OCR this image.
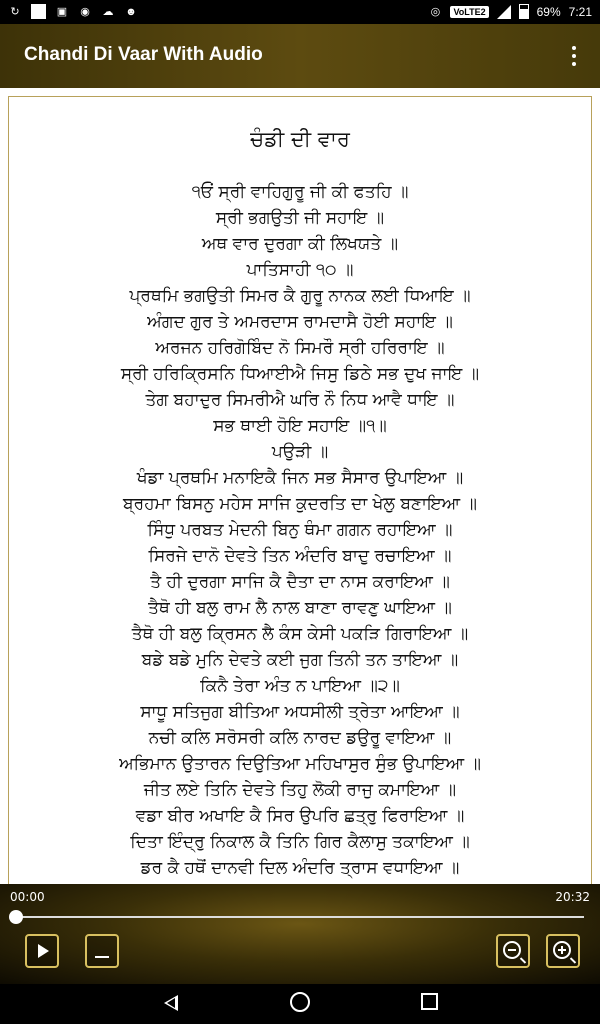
↻	▣ ◉ ☁ ☻	◎	VoLTE2	69% 7:21
Chandi Di Vaar With Audio
ਚੰਡੀ ਦੀ ਵਾਰ
੧ਓਂ ਸ੍ਰੀ ਵਾਹਿਗੁਰੂ ਜੀ ਕੀ ਫਤਹਿ ॥
ਸ੍ਰੀ ਭਗਉਤੀ ਜੀ ਸਹਾਇ ॥
ਅਥ ਵਾਰ ਦੁਰਗਾ ਕੀ ਲਿਖਯਤੇ ॥
ਪਾਤਿਸਾਹੀ ੧੦ ॥
ਪ੍ਰਥਮਿ ਭਗਉਤੀ ਸਿਮਰ ਕੈ ਗੁਰੂ ਨਾਨਕ ਲਈ ਧਿਆਇ ॥
ਅੰਗਦ ਗੁਰ ਤੇ ਅਮਰਦਾਸ ਰਾਮਦਾਸੈ ਹੋਈ ਸਹਾਇ ॥
ਅਰਜਨ ਹਰਿਗੋਬਿੰਦ ਨੋ ਸਿਮਰੌ ਸ੍ਰੀ ਹਰਿਰਾਇ ॥
ਸ੍ਰੀ ਹਰਿਕ੍ਰਿਸਨਿ ਧਿਆਈਐ ਜਿਸੁ ਡਿਠੇ ਸਭ ਦੁਖ ਜਾਇ ॥
ਤੇਗ ਬਹਾਦੁਰ ਸਿਮਰੀਐ ਘਰਿ ਨੌ ਨਿਧ ਆਵੈ ਧਾਇ ॥
ਸਭ ਥਾਈ ਹੋਇ ਸਹਾਇ ॥੧॥
ਪਉੜੀ ॥
ਖੰਡਾ ਪ੍ਰਥਮਿ ਮਨਾਇਕੈ ਜਿਨ ਸਭ ਸੈਸਾਰ ਉਪਾਇਆ ॥
ਬ੍ਰਹਮਾ ਬਿਸਨੁ ਮਹੇਸ ਸਾਜਿ ਕੁਦਰਤਿ ਦਾ ਖੇਲੁ ਬਣਾਇਆ ॥
ਸਿੰਧੁ ਪਰਬਤ ਮੇਦਨੀ ਬਿਨੁ ਥੰਮਾ ਗਗਨ ਰਹਾਇਆ ॥
ਸਿਰਜੇ ਦਾਨੋ ਦੇਵਤੇ ਤਿਨ ਅੰਦਰਿ ਬਾਦੁ ਰਚਾਇਆ ॥
ਤੈ ਹੀ ਦੁਰਗਾ ਸਾਜਿ ਕੈ ਦੈਤਾ ਦਾ ਨਾਸ ਕਰਾਇਆ ॥
ਤੈਥੋ ਹੀ ਬਲੁ ਰਾਮ ਲੈ ਨਾਲ ਬਾਣਾ ਰਾਵਣੁ ਘਾਇਆ ॥
ਤੈਥੋ ਹੀ ਬਲੁ ਕ੍ਰਿਸਨ ਲੈ ਕੰਸ ਕੇਸੀ ਪਕੜਿ ਗਿਰਾਇਆ ॥
ਬਡੇ ਬਡੇ ਮੁਨਿ ਦੇਵਤੇ ਕਈ ਜੁਗ ਤਿਨੀ ਤਨ ਤਾਇਆ ॥
ਕਿਨੈ ਤੇਰਾ ਅੰਤ ਨ ਪਾਇਆ ॥੨॥
ਸਾਧੂ ਸਤਿਜੁਗ ਬੀਤਿਆ ਅਧਸੀਲੀ ਤ੍ਰੇਤਾ ਆਇਆ ॥
ਨਚੀ ਕਲਿ ਸਰੋਸਰੀ ਕਲਿ ਨਾਰਦ ਡਉਰੂ ਵਾਇਆ ॥
ਅਭਿਮਾਨ ਉਤਾਰਨ ਦਿਉਤਿਆ ਮਹਿਖਾਸੁਰ ਸੁੰਭ ਉਪਾਇਆ ॥
ਜੀਤ ਲਏ ਤਿਨਿ ਦੇਵਤੇ ਤਿਹੁ ਲੋਕੀ ਰਾਜੁ ਕਮਾਇਆ ॥
ਵਡਾ ਬੀਰ ਅਖਾਇ ਕੈ ਸਿਰ ਉਪਰਿ ਛਤ੍ਰੁ ਫਿਰਾਇਆ ॥
ਦਿਤਾ ਇੰਦ੍ਰੁ ਨਿਕਾਲ ਕੈ ਤਿਨਿ ਗਿਰ ਕੈਲਾਸੁ ਤਕਾਇਆ ॥
ਡਰ ਕੈ ਹਥੋਂ ਦਾਨਵੀ ਦਿਲ ਅੰਦਰਿ ਤ੍ਰਾਸ ਵਧਾਇਆ ॥
00:00	20:32
